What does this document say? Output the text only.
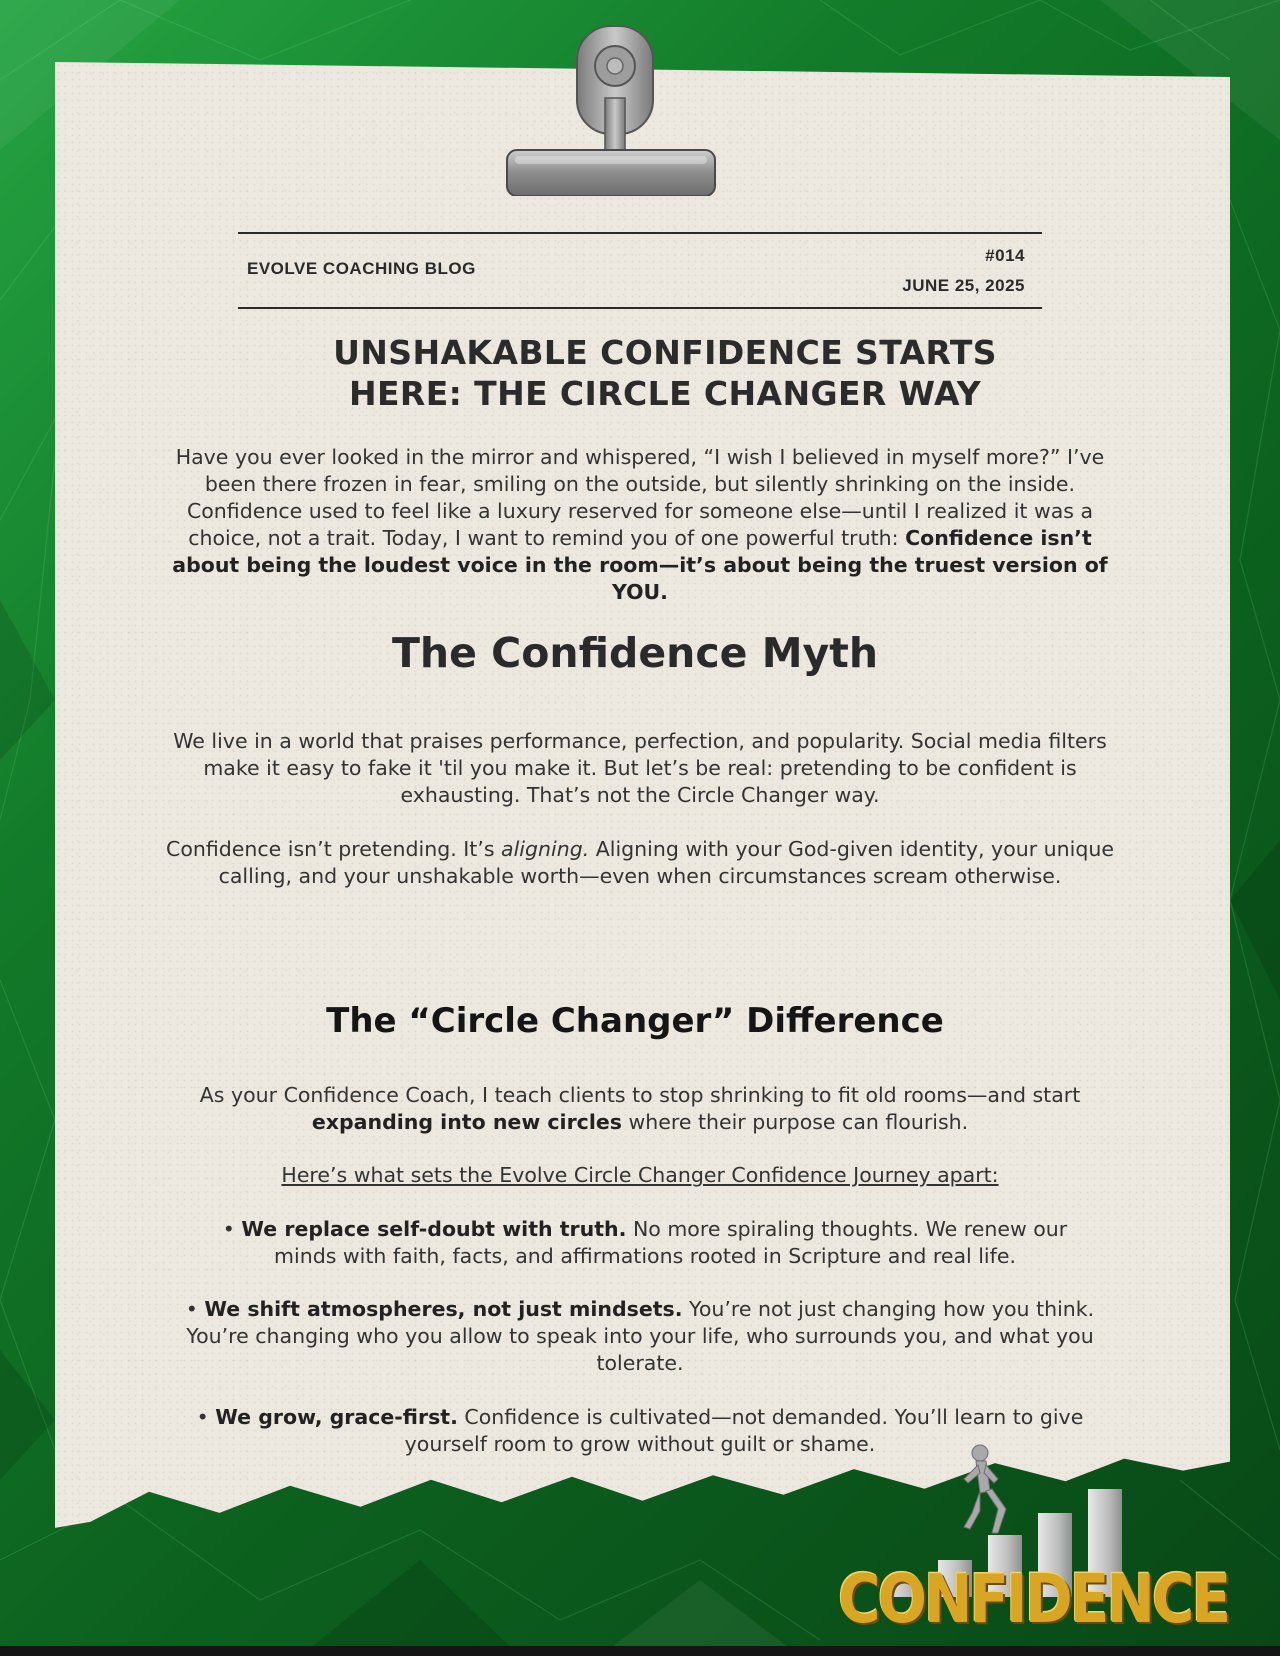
EVOLVE COACHING BLOG
#014
JUNE 25, 2025
UNSHAKABLE CONFIDENCE STARTS
HERE: THE CIRCLE CHANGER WAY
Have you ever looked in the mirror and whispered, “I wish I believed in myself more?” I’ve been there frozen in fear, smiling on the outside, but silently shrinking on the inside. Confidence used to feel like a luxury reserved for someone else—until I realized it was a choice, not a trait. Today, I want to remind you of one powerful truth: Confidence isn’t about being the loudest voice in the room—it’s about being the truest version of YOU.
The Confidence Myth
We live in a world that praises performance, perfection, and popularity. Social media filters make it easy to fake it 'til you make it. But let’s be real: pretending to be confident is exhausting. That’s not the Circle Changer way.
Confidence isn’t pretending. It’s aligning. Aligning with your God-given identity, your unique calling, and your unshakable worth—even when circumstances scream otherwise.
The “Circle Changer” Difference
As your Confidence Coach, I teach clients to stop shrinking to fit old rooms—and start expanding into new circles where their purpose can flourish.
Here’s what sets the Evolve Circle Changer Confidence Journey apart:
• We replace self-doubt with truth. No more spiraling thoughts. We renew our minds with faith, facts, and affirmations rooted in Scripture and real life.
• We shift atmospheres, not just mindsets. You’re not just changing how you think. You’re changing who you allow to speak into your life, who surrounds you, and what you tolerate.
• We grow, grace-first. Confidence is cultivated—not demanded. You’ll learn to give yourself room to grow without guilt or shame.
CONFIDENCE
